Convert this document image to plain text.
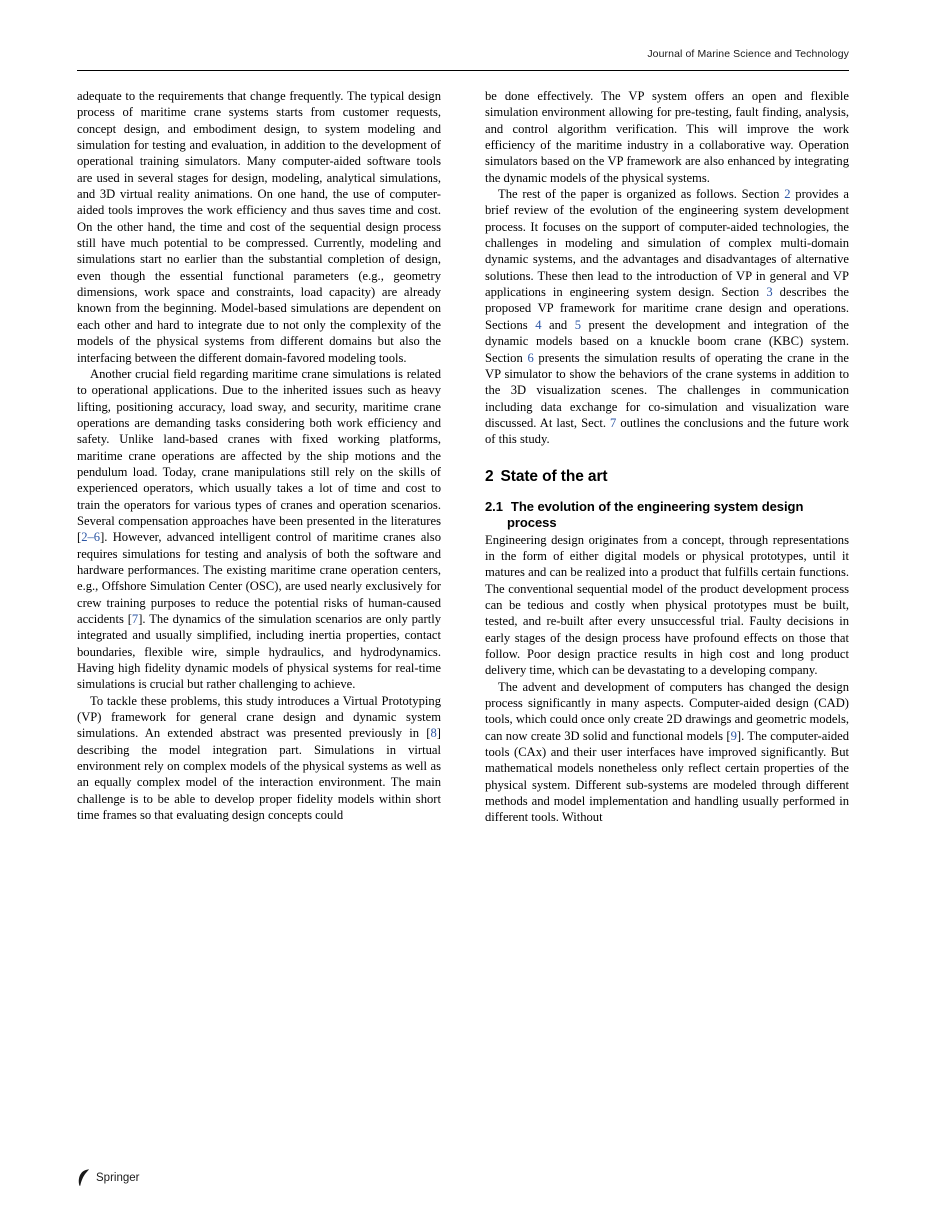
Journal of Marine Science and Technology

adequate to the requirements that change frequently. The typical design process of maritime crane systems starts from customer requests, concept design, and embodiment design, to system modeling and simulation for testing and evaluation, in addition to the development of operational training simulators. Many computer-aided software tools are used in several stages for design, modeling, analytical simulations, and 3D virtual reality animations. On one hand, the use of computer-aided tools improves the work efficiency and thus saves time and cost. On the other hand, the time and cost of the sequential design process still have much potential to be compressed. Currently, modeling and simulations start no earlier than the substantial completion of design, even though the essential functional parameters (e.g., geometry dimensions, work space and constraints, load capacity) are already known from the beginning. Model-based simulations are dependent on each other and hard to integrate due to not only the complexity of the models of the physical systems from different domains but also the interfacing between the different domain-favored modeling tools.

Another crucial field regarding maritime crane simulations is related to operational applications. Due to the inherited issues such as heavy lifting, positioning accuracy, load sway, and security, maritime crane operations are demanding tasks considering both work efficiency and safety. Unlike land-based cranes with fixed working platforms, maritime crane operations are affected by the ship motions and the pendulum load. Today, crane manipulations still rely on the skills of experienced operators, which usually takes a lot of time and cost to train the operators for various types of cranes and operation scenarios. Several compensation approaches have been presented in the literatures [2–6]. However, advanced intelligent control of maritime cranes also requires simulations for testing and analysis of both the software and hardware performances. The existing maritime crane operation centers, e.g., Offshore Simulation Center (OSC), are used nearly exclusively for crew training purposes to reduce the potential risks of human-caused accidents [7]. The dynamics of the simulation scenarios are only partly integrated and usually simplified, including inertia properties, contact boundaries, flexible wire, simple hydraulics, and hydrodynamics. Having high fidelity dynamic models of physical systems for real-time simulations is crucial but rather challenging to achieve.

To tackle these problems, this study introduces a Virtual Prototyping (VP) framework for general crane design and dynamic system simulations. An extended abstract was presented previously in [8] describing the model integration part. Simulations in virtual environment rely on complex models of the physical systems as well as an equally complex model of the interaction environment. The main challenge is to be able to develop proper fidelity models within short time frames so that evaluating design concepts could

be done effectively. The VP system offers an open and flexible simulation environment allowing for pre-testing, fault finding, analysis, and control algorithm verification. This will improve the work efficiency of the maritime industry in a collaborative way. Operation simulators based on the VP framework are also enhanced by integrating the dynamic models of the physical systems.

The rest of the paper is organized as follows. Section 2 provides a brief review of the evolution of the engineering system development process. It focuses on the support of computer-aided technologies, the challenges in modeling and simulation of complex multi-domain dynamic systems, and the advantages and disadvantages of alternative solutions. These then lead to the introduction of VP in general and VP applications in engineering system design. Section 3 describes the proposed VP framework for maritime crane design and operations. Sections 4 and 5 present the development and integration of the dynamic models based on a knuckle boom crane (KBC) system. Section 6 presents the simulation results of operating the crane in the VP simulator to show the behaviors of the crane systems in addition to the 3D visualization scenes. The challenges in communication including data exchange for co-simulation and visualization ware discussed. At last, Sect. 7 outlines the conclusions and the future work of this study.

2 State of the art
2.1 The evolution of the engineering system design process

Engineering design originates from a concept, through representations in the form of either digital models or physical prototypes, until it matures and can be realized into a product that fulfills certain functions. The conventional sequential model of the product development process can be tedious and costly when physical prototypes must be built, tested, and re-built after every unsuccessful trial. Faulty decisions in early stages of the design process have profound effects on those that follow. Poor design practice results in high cost and long product delivery time, which can be devastating to a developing company.

The advent and development of computers has changed the design process significantly in many aspects. Computer-aided design (CAD) tools, which could once only create 2D drawings and geometric models, can now create 3D solid and functional models [9]. The computer-aided tools (CAx) and their user interfaces have improved significantly. But mathematical models nonetheless only reflect certain properties of the physical system. Different sub-systems are modeled through different methods and model implementation and handling usually performed in different tools. Without

Springer
